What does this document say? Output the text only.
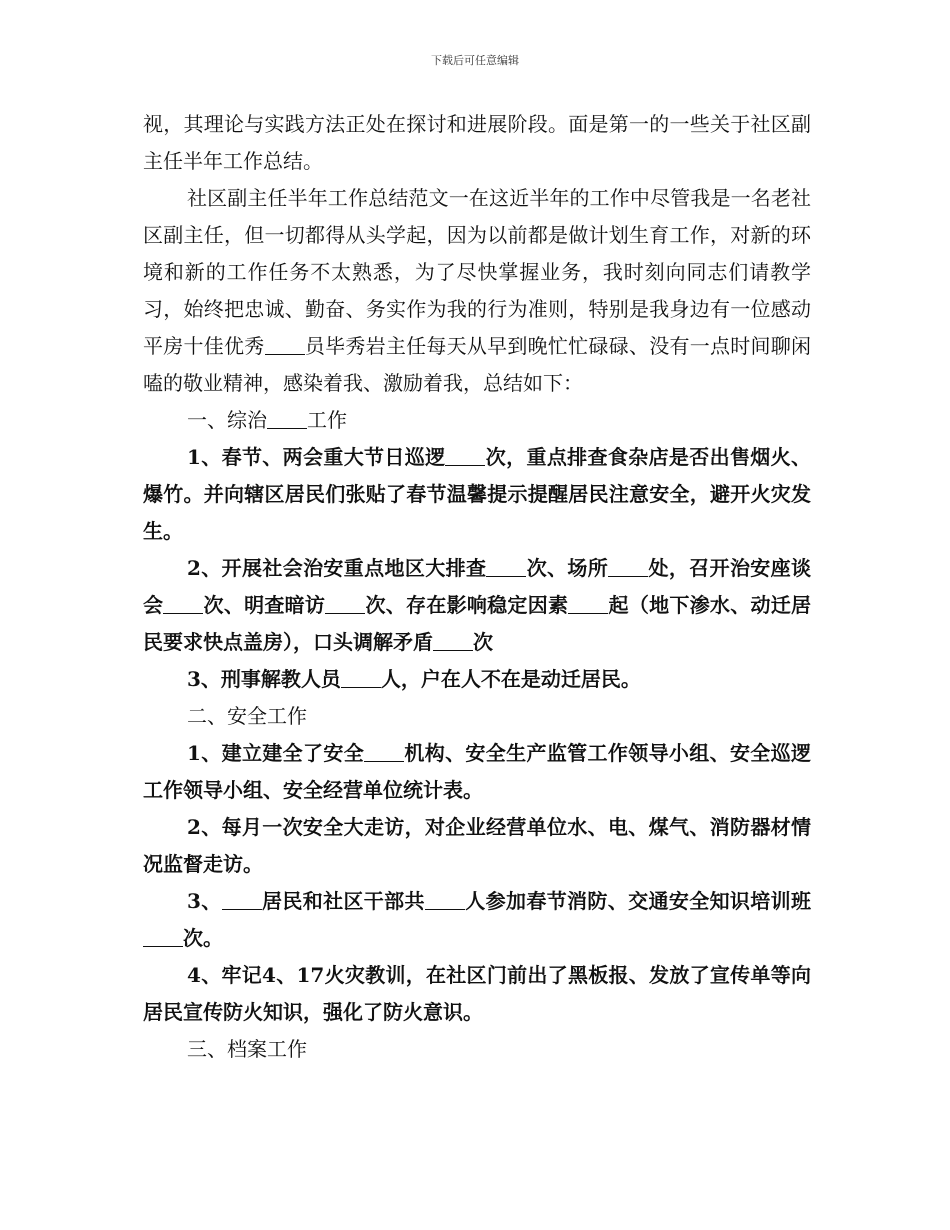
下载后可任意编辑

视，其理论与实践方法正处在探讨和进展阶段。面是第一的一些关于社区副主任半年工作总结。

社区副主任半年工作总结范文一在这近半年的工作中尽管我是一名老社区副主任，但一切都得从头学起，因为以前都是做计划生育工作，对新的环境和新的工作任务不太熟悉，为了尽快掌握业务，我时刻向同志们请教学习，始终把忠诚、勤奋、务实作为我的行为准则，特别是我身边有一位感动平房十佳优秀 员毕秀岩主任每天从早到晚忙忙碌碌、没有一点时间聊闲嗑的敬业精神，感染着我、激励着我，总结如下：

一、综治 工作

1、春节、两会重大节日巡逻 次，重点排查食杂店是否出售烟火、爆竹。并向辖区居民们张贴了春节温馨提示提醒居民注意安全，避开火灾发生。

2、开展社会治安重点地区大排查 次、场所 处，召开治安座谈会 次、明查暗访 次、存在影响稳定因素 起（地下渗水、动迁居民要求快点盖房），口头调解矛盾 次

3、刑事解教人员 人，户在人不在是动迁居民。

二、安全工作

1、建立建全了安全 机构、安全生产监管工作领导小组、安全巡逻工作领导小组、安全经营单位统计表。

2、每月一次安全大走访，对企业经营单位水、电、煤气、消防器材情况监督走访。

3、 居民和社区干部共 人参加春节消防、交通安全知识培训班次。

4、牢记4、17火灾教训，在社区门前出了黑板报、发放了宣传单等向居民宣传防火知识，强化了防火意识。

三、档案工作
